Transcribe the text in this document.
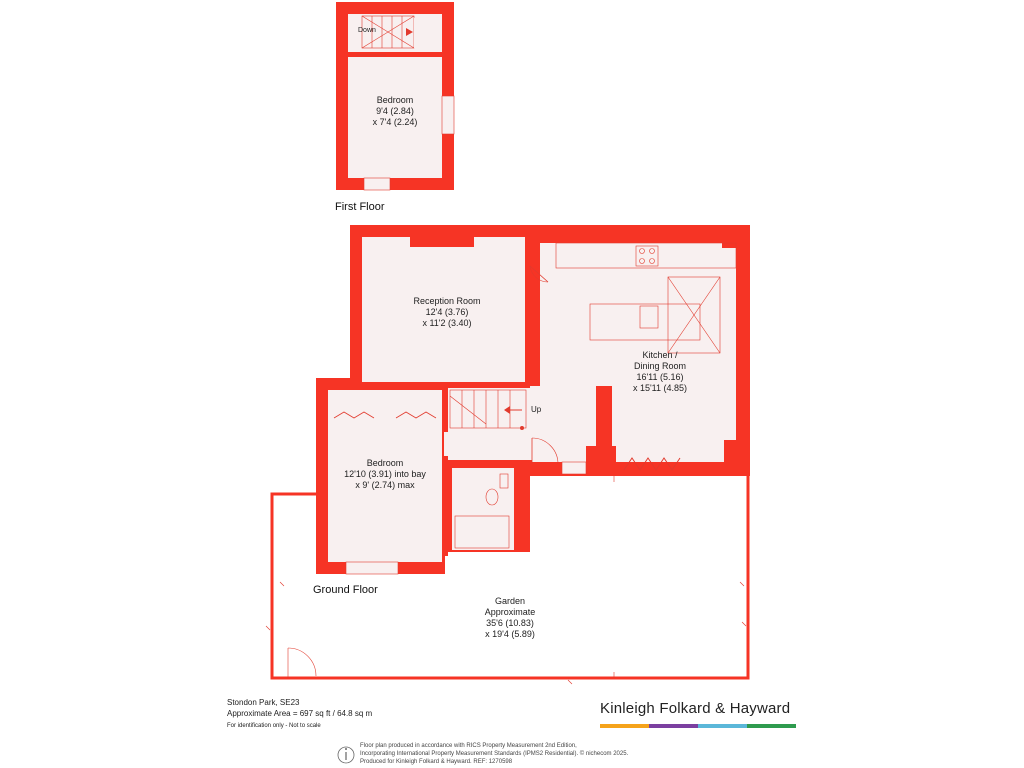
Down
Bedroom
9'4 (2.84)
x 7'4 (2.24)
First Floor
Reception Room
12'4 (3.76)
x 11'2 (3.40)
Kitchen /
Dining Room
16'11 (5.16)
x 15'11 (4.85)
Up
Bedroom
12'10 (3.91) into bay
x 9' (2.74) max
Ground Floor
Garden
Approximate
35'6 (10.83)
x 19'4 (5.89)
Stondon Park, SE23
Approximate Area = 697 sq ft / 64.8 sq m
For identification only - Not to scale
Kinleigh Folkard & Hayward
Floor plan produced in accordance with RICS Property Measurement 2nd Edition,
Incorporating International Property Measurement Standards (IPMS2 Residential). © nichecom 2025.
Produced for Kinleigh Folkard & Hayward. REF: 1270598
